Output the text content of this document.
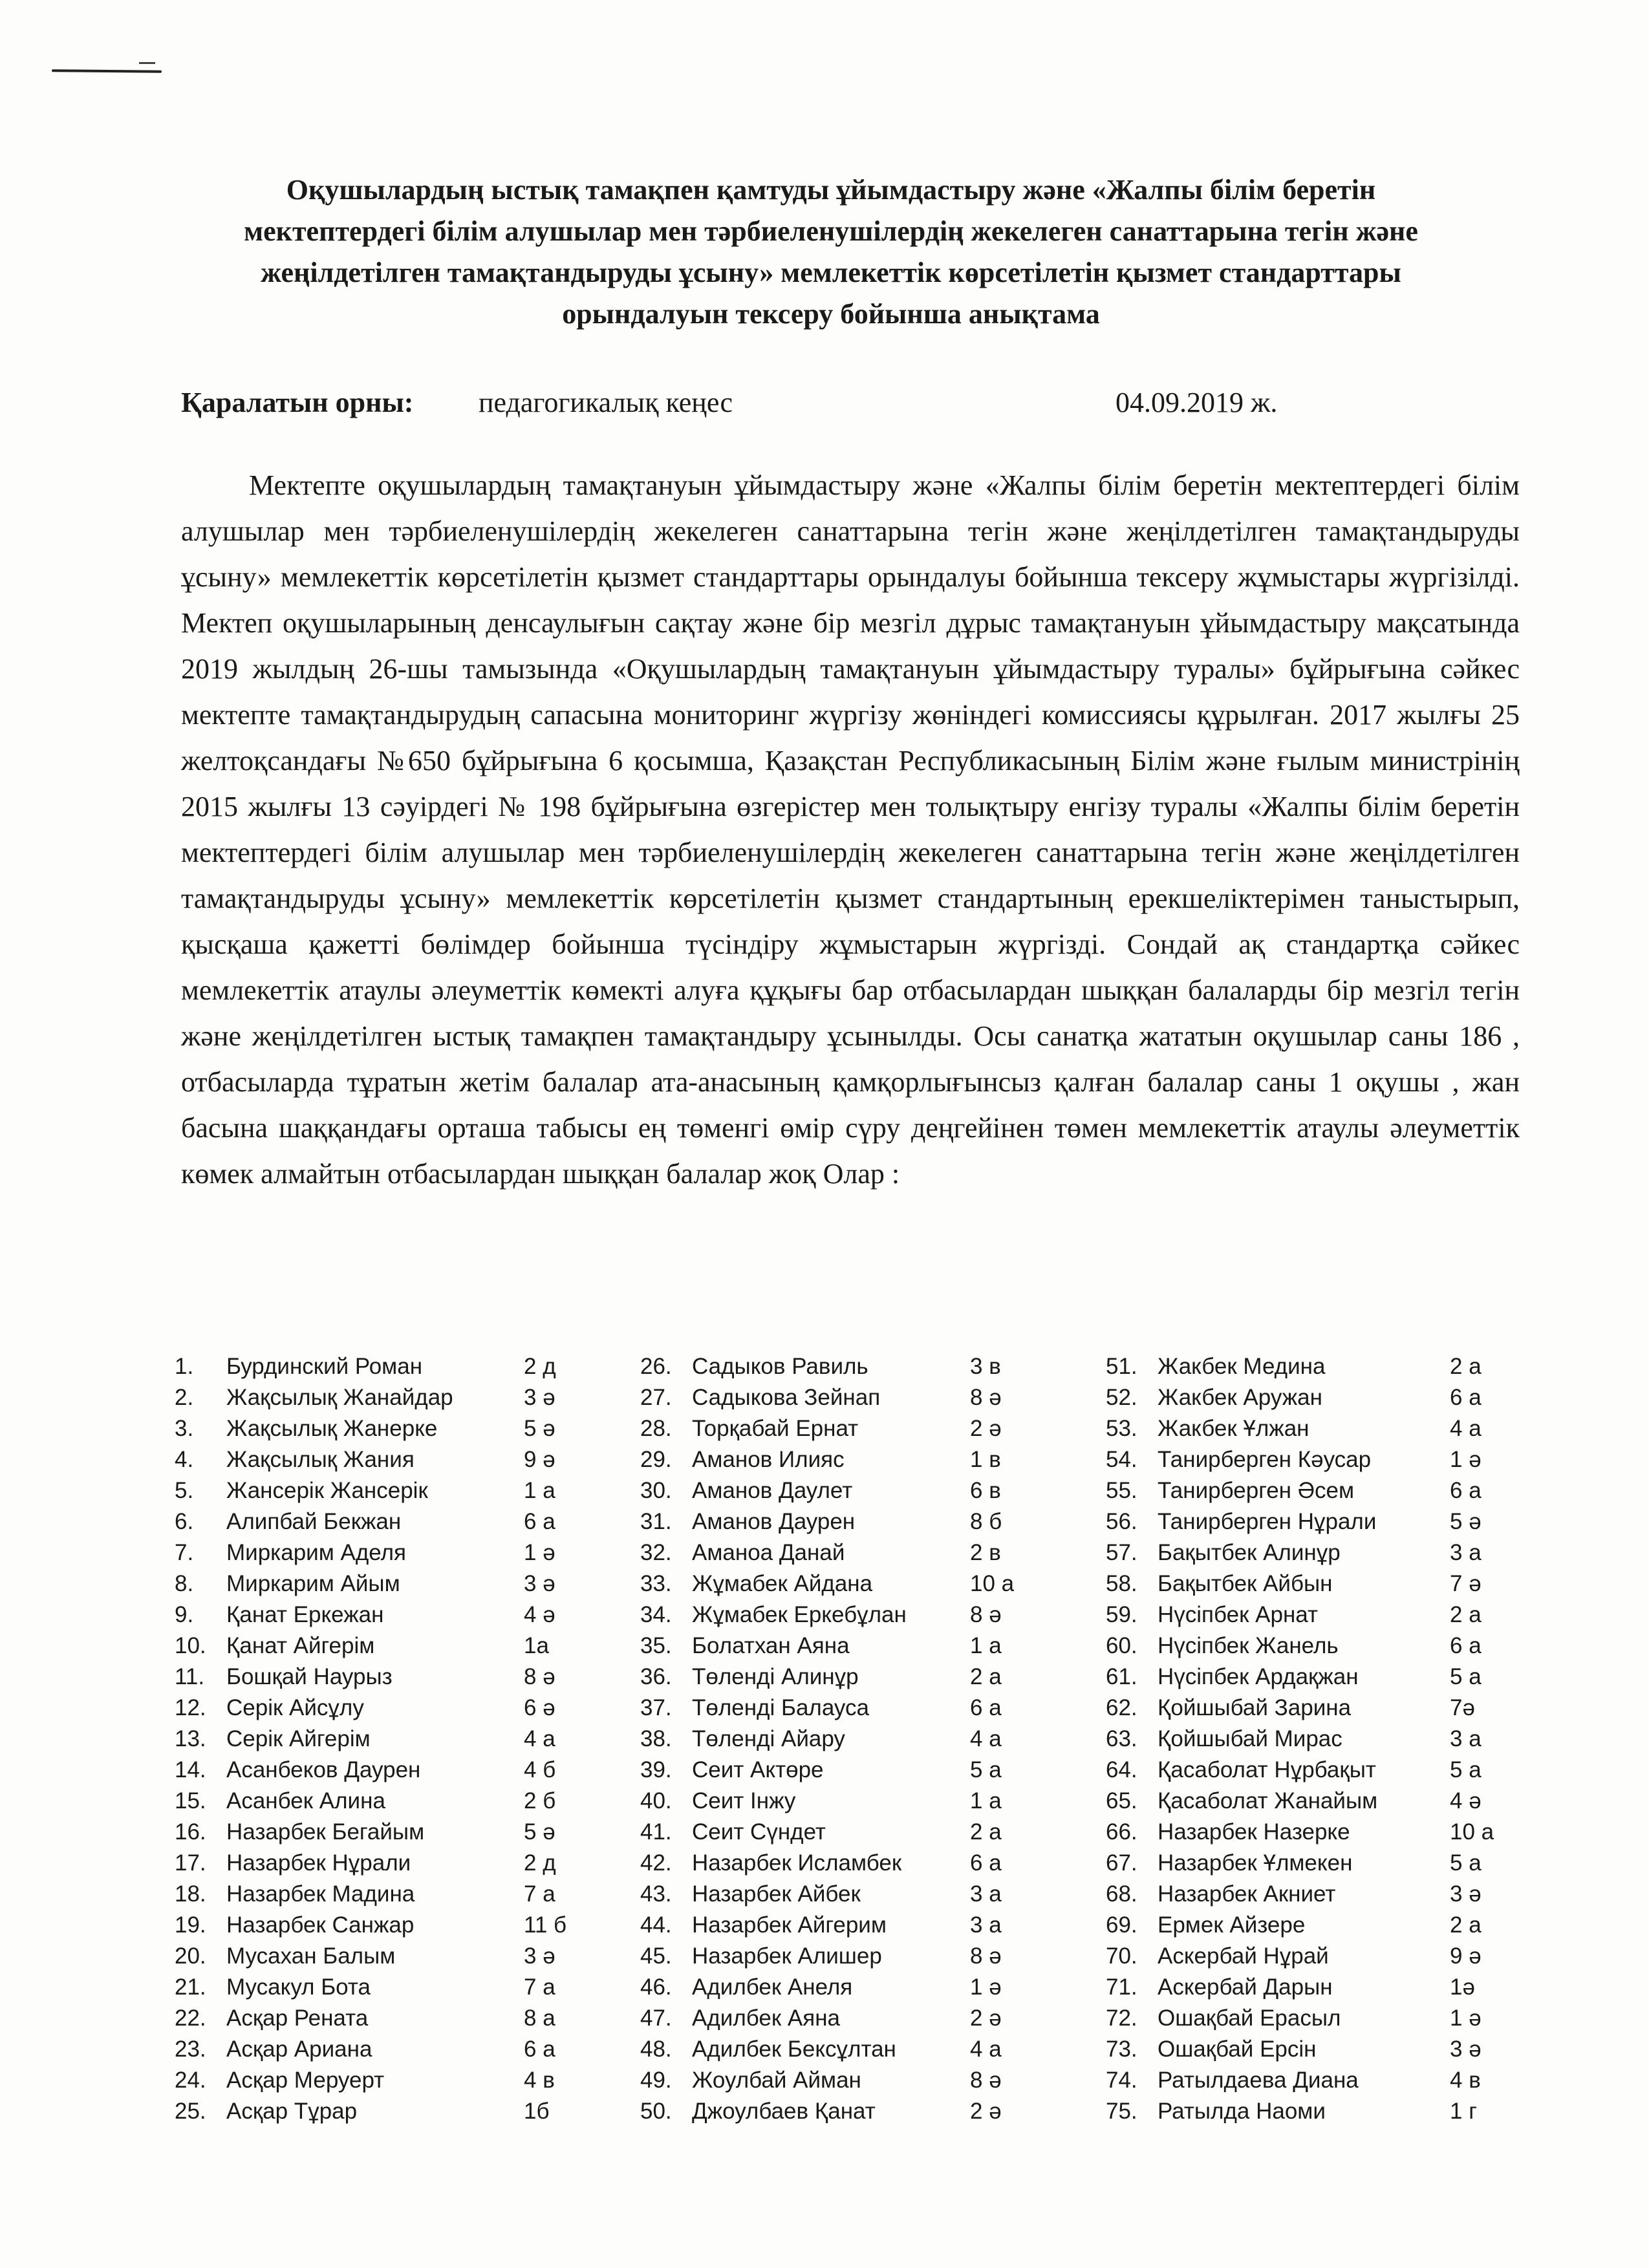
Оқушылардың ыстық тамақпен қамтуды ұйымдастыру және «Жалпы білім беретін мектептердегі білім алушылар мен тәрбиеленушілердің жекелеген санаттарына тегін және жеңілдетілген тамақтандыруды ұсыну» мемлекеттік көрсетілетін қызмет стандарттары орындалуын тексеру бойынша анықтама
Қаралатын орны: педагогикалық кеңес	04.09.2019 ж.
Мектепте оқушылардың тамақтануын ұйымдастыру және «Жалпы білім беретін мектептердегі білім алушылар мен тәрбиеленушілердің жекелеген санаттарына тегін және жеңілдетілген тамақтандыруды ұсыну» мемлекеттік көрсетілетін қызмет стандарттары орындалуы бойынша тексеру жұмыстары жүргізілді. Мектеп оқушыларының денсаулығын сақтау және бір мезгіл дұрыс тамақтануын ұйымдастыру мақсатында 2019 жылдың 26-шы тамызында «Оқушылардың тамақтануын ұйымдастыру туралы» бұйрығына сәйкес мектепте тамақтандырудың сапасына мониторинг жүргізу жөніндегі комиссиясы құрылған. 2017 жылғы 25 желтоқсандағы №650 бұйрығына 6 қосымша, Қазақстан Республикасының Білім және ғылым министрінің 2015 жылғы 13 сәуірдегі № 198 бұйрығына өзгерістер мен толықтыру енгізу туралы «Жалпы білім беретін мектептердегі білім алушылар мен тәрбиеленушілердің жекелеген санаттарына тегін және жеңілдетілген тамақтандыруды ұсыну» мемлекеттік көрсетілетін қызмет стандартының ерекшеліктерімен таныстырып, қысқаша қажетті бөлімдер бойынша түсіндіру жұмыстарын жүргізді. Сондай ақ стандартқа сәйкес мемлекеттік атаулы әлеуметтік көмекті алуға құқығы бар отбасылардан шыққан балаларды бір мезгіл тегін және жеңілдетілген ыстық тамақпен тамақтандыру ұсынылды. Осы санатқа жататын оқушылар саны 186 , отбасыларда тұратын жетім балалар ата-анасының қамқорлығынсыз қалған балалар саны 1 оқушы , жан басына шаққандағы орташа табысы ең төменгі өмір сүру деңгейінен төмен мемлекеттік атаулы әлеуметтік көмек алмайтын отбасылардан шыққан балалар жоқ Олар :
1. Бурдинский Роман	2 д
2. Жақсылық Жанайдар	3 ә
3. Жақсылық Жанерке	5 ә
4. Жақсылық Жания	9 ә
5. Жансерік Жансерік	1 а
6. Алипбай Бекжан	6 а
7. Миркарим Аделя	1 ә
8. Миркарим Айым	3 ә
9. Қанат Еркежан	4 ә
10. Қанат Айгерім	1а
11. Бошқай Наурыз	8 ә
12. Серік Айсұлу	6 ә
13. Серік Айгерім	4 а
14. Асанбеков Даурен	4 б
15. Асанбек Алина	2 б
16. Назарбек Бегайым	5 ә
17. Назарбек Нұрали	2 д
18. Назарбек Мадина	7 а
19. Назарбек Санжар	11 б
20. Мусахан Балым	3 ә
21. Мусакул Бота	7 а
22. Асқар Рената	8 а
23. Асқар Ариана	6 а
24. Асқар Меруерт	4 в
25. Асқар Тұрар	1б
26. Садыков Равиль	3 в
27. Садыкова Зейнап	8 ә
28. Торқабай Ернат	2 ә
29. Аманов Илияс	1 в
30. Аманов Даулет	6 в
31. Аманов Даурен	8 б
32. Аманоа Данай	2 в
33. Жұмабек Айдана	10 а
34. Жұмабек Еркебұлан	8 ә
35. Болатхан Аяна	1 а
36. Төленді Алинұр	2 а
37. Төленді Балауса	6 а
38. Төленді Айару	4 а
39. Сеит Актөре	5 а
40. Сеит Інжу	1 а
41. Сеит Сүндет	2 а
42. Назарбек Исламбек	6 а
43. Назарбек Айбек	3 а
44. Назарбек Айгерим	3 а
45. Назарбек Алишер	8 ә
46. Адилбек Анеля	1 ә
47. Адилбек Аяна	2 ә
48. Адилбек Бексұлтан	4 а
49. Жоулбай Айман	8 ә
50. Джоулбаев Қанат	2 ә
51. Жакбек Медина	2 а
52. Жакбек Аружан	6 а
53. Жакбек Ұлжан	4 а
54. Танирберген Кәусар	1 ә
55. Танирберген Әсем	6 а
56. Танирберген Нұрали	5 ә
57. Бақытбек Алинұр	3 а
58. Бақытбек Айбын	7 ә
59. Нүсіпбек Арнат	2 а
60. Нүсіпбек Жанель	6 а
61. Нүсіпбек Ардақжан	5 а
62. Қойшыбай Зарина	7ә
63. Қойшыбай Мирас	3 а
64. Қасаболат Нұрбақыт	5 а
65. Қасаболат Жанайым	4 ә
66. Назарбек Назерке	10 а
67. Назарбек Ұлмекен	5 а
68. Назарбек Акниет	3 ә
69. Ермек Айзере	2 а
70. Аскербай Нұрай	9 ә
71. Аскербай Дарын	1ә
72. Ошақбай Ерасыл	1 ә
73. Ошақбай Ерсін	3 ә
74. Ратылдаева Диана	4 в
75. Ратылда Наоми	1 г
